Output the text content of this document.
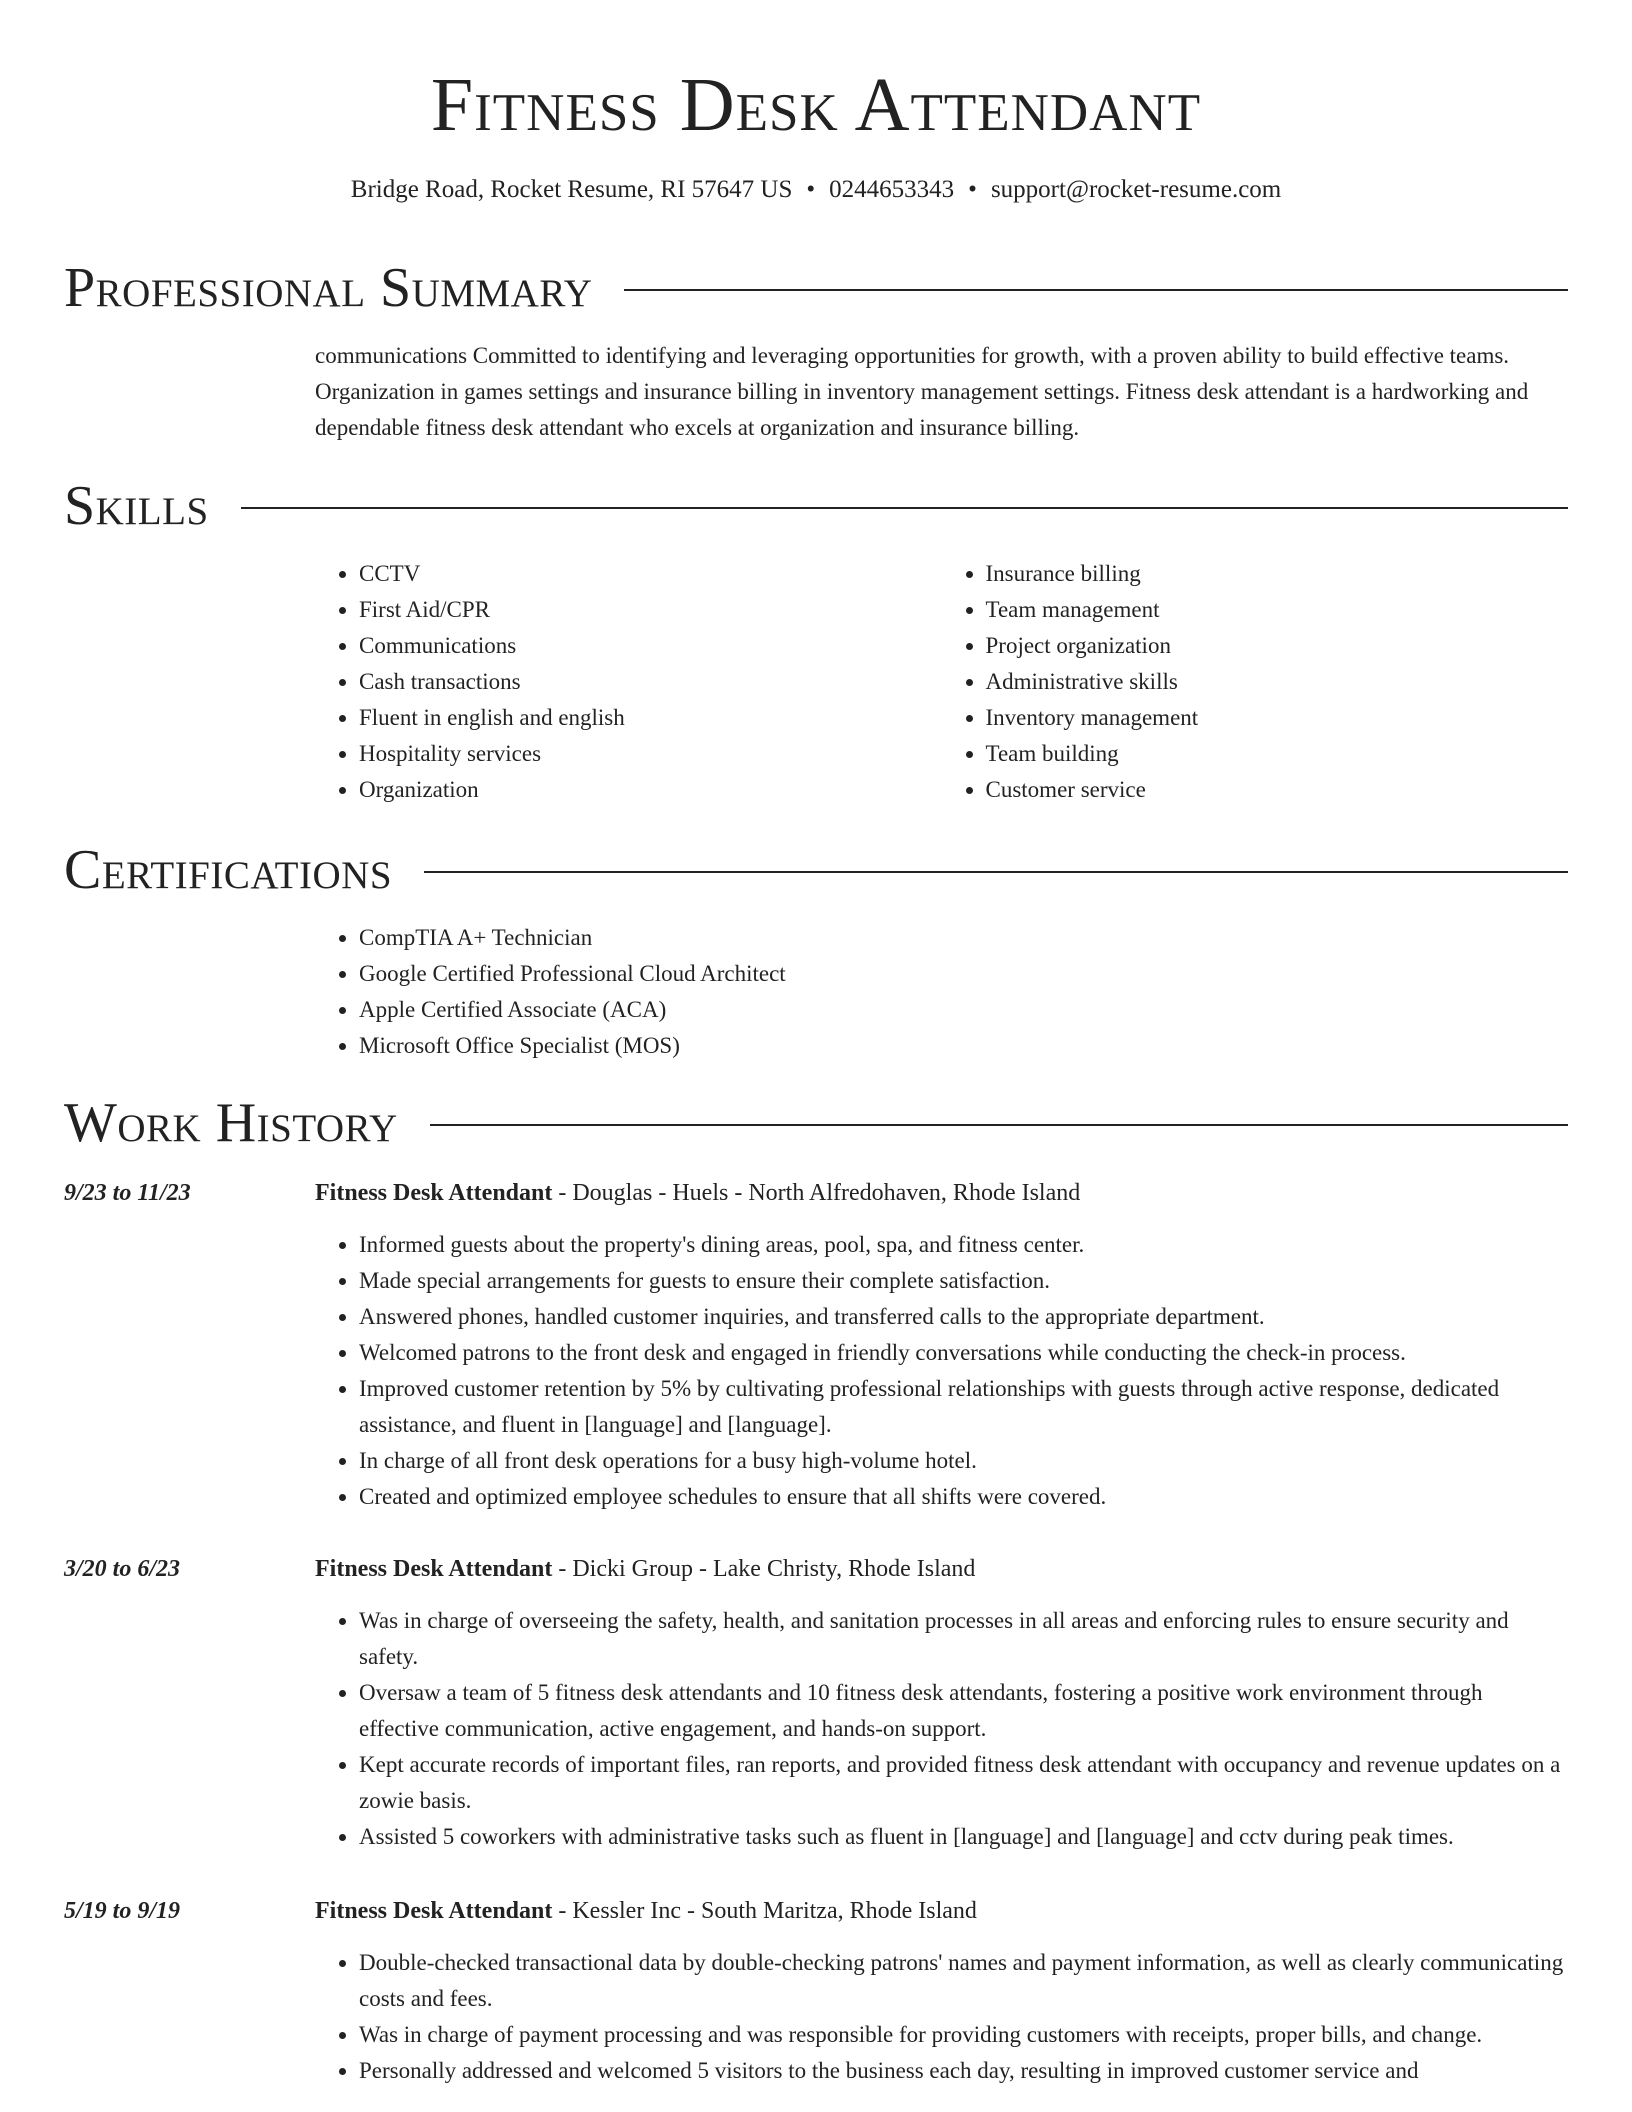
Fitness Desk Attendant
Bridge Road, Rocket Resume, RI 57647 US • 0244653343 • support@rocket-resume.com
Professional Summary

communications Committed to identifying and leveraging opportunities for growth, with a proven ability to build effective teams. Organization in games settings and insurance billing in inventory management settings. Fitness desk attendant is a hardworking and dependable fitness desk attendant who excels at organization and insurance billing.

Skills
• CCTV
• First Aid/CPR
• Communications
• Cash transactions
• Fluent in english and english
• Hospitality services
• Organization
• Insurance billing
• Team management
• Project organization
• Administrative skills
• Inventory management
• Team building
• Customer service
Certifications
• CompTIA A+ Technician
• Google Certified Professional Cloud Architect
• Apple Certified Associate (ACA)
• Microsoft Office Specialist (MOS)
Work History
9/23 to 11/23	Fitness Desk Attendant - Douglas - Huels - North Alfredohaven, Rhode Island

• Informed guests about the property's dining areas, pool, spa, and fitness center.
• Made special arrangements for guests to ensure their complete satisfaction.
• Answered phones, handled customer inquiries, and transferred calls to the appropriate department.
• Welcomed patrons to the front desk and engaged in friendly conversations while conducting the check-in process.
• Improved customer retention by 5% by cultivating professional relationships with guests through active response, dedicated assistance, and fluent in [language] and [language].
• In charge of all front desk operations for a busy high-volume hotel.
• Created and optimized employee schedules to ensure that all shifts were covered.
3/20 to 6/23	Fitness Desk Attendant - Dicki Group - Lake Christy, Rhode Island

• Was in charge of overseeing the safety, health, and sanitation processes in all areas and enforcing rules to ensure security and safety.
• Oversaw a team of 5 fitness desk attendants and 10 fitness desk attendants, fostering a positive work environment through effective communication, active engagement, and hands-on support.
• Kept accurate records of important files, ran reports, and provided fitness desk attendant with occupancy and revenue updates on a zowie basis.
• Assisted 5 coworkers with administrative tasks such as fluent in [language] and [language] and cctv during peak times.
5/19 to 9/19	Fitness Desk Attendant - Kessler Inc - South Maritza, Rhode Island

• Double-checked transactional data by double-checking patrons' names and payment information, as well as clearly communicating costs and fees.
• Was in charge of payment processing and was responsible for providing customers with receipts, proper bills, and change.
• Personally addressed and welcomed 5 visitors to the business each day, resulting in improved customer service and
